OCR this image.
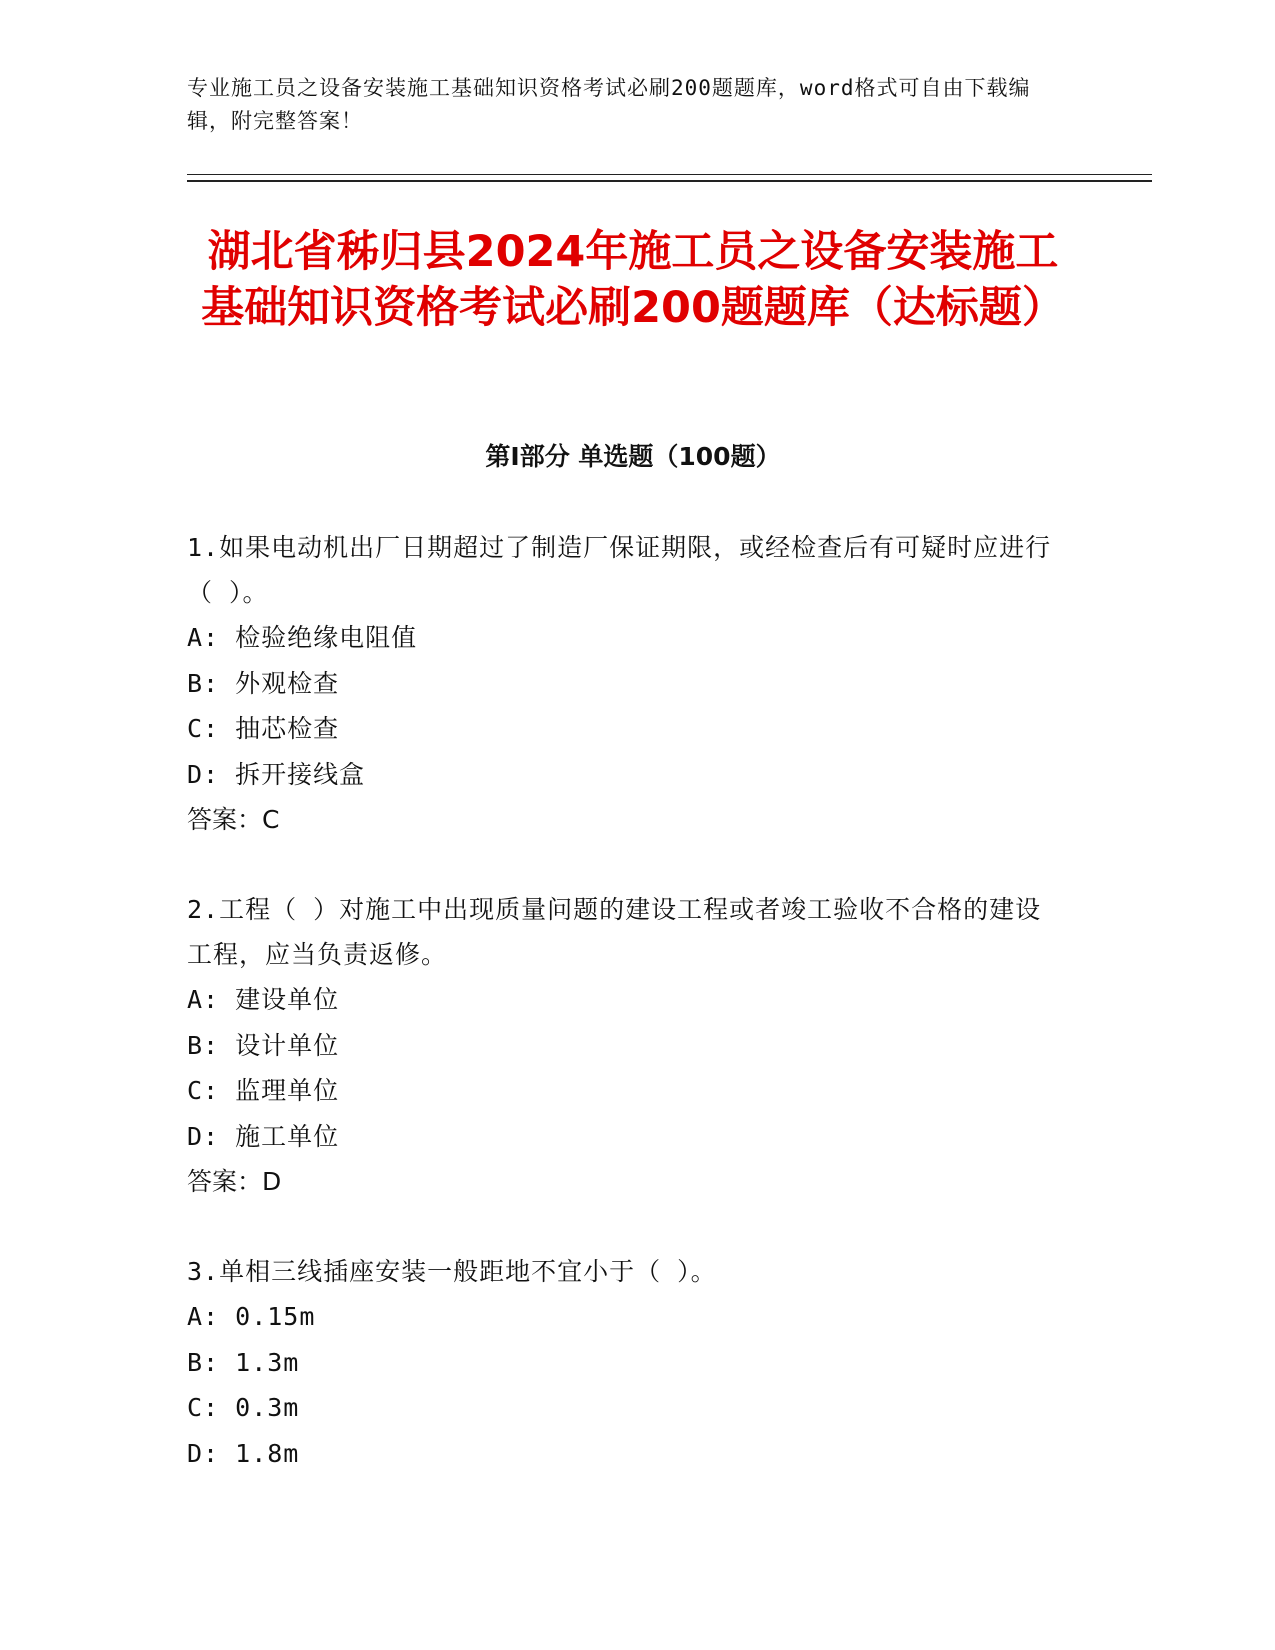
专业施工员之设备安装施工基础知识资格考试必刷200题题库，word格式可自由下载编辑，附完整答案！
湖北省秭归县2024年施工员之设备安装施工基础知识资格考试必刷200题题库（达标题）
第I部分 单选题（100题）
1.如果电动机出厂日期超过了制造厂保证期限，或经检查后有可疑时应进行（ ）。
A: 检验绝缘电阻值
B: 外观检查
C: 抽芯检查
D: 拆开接线盒
答案：C
2.工程（ ）对施工中出现质量问题的建设工程或者竣工验收不合格的建设工程，应当负责返修。
A: 建设单位
B: 设计单位
C: 监理单位
D: 施工单位
答案：D
3.单相三线插座安装一般距地不宜小于（ ）。
A: 0.15m
B: 1.3m
C: 0.3m
D: 1.8m
